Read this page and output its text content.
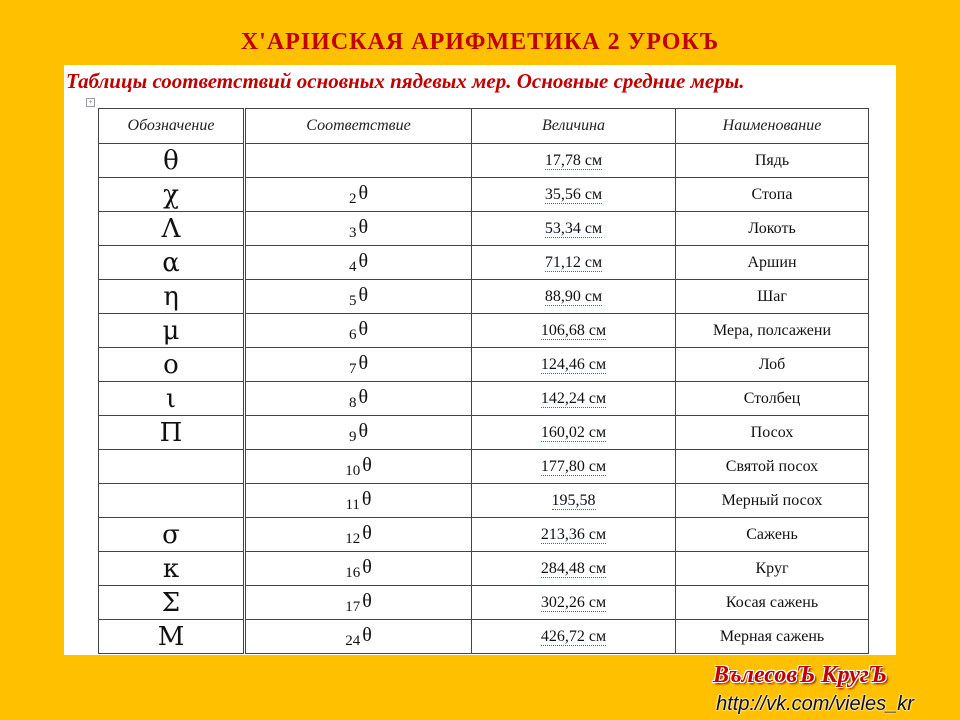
Х'АРIИСКАЯ АРИФМЕТИКА 2 УРОКЪ
Таблицы соответствий основных пядевых мер. Основные средние меры.
+
Обозначение	Соответствие	Величина	Наименование
θ		17,78 см	Пядь
χ	$_2$ θ	35,56 см	Стопа
Λ	$_3$ θ	53,34 см	Локоть
α	$_4$ θ	71,12 см	Аршин
η	$_5$ θ	88,90 см	Шаг
μ	$_6$ θ	106,68 см	Мера, полсажени
ο	$_7$ θ	124,46 см	Лоб
ι	$_8$ θ	142,24 см	Столбец
Π	$_9$ θ	160,02 см	Посох
	$_{10}$ θ	177,80 см	Святой посох
	$_{11}$ θ	195,58	Мерный посох
σ	$_{12}$ θ	213,36 см	Сажень
κ	$_{16}$ θ	284,48 см	Круг
Σ	$_{17}$ θ	302,26 см	Косая сажень
Μ	$_{24}$ θ	426,72 см	Мерная сажень
ВълесовЪ КругЪ
http://vk.com/vieles_kr
